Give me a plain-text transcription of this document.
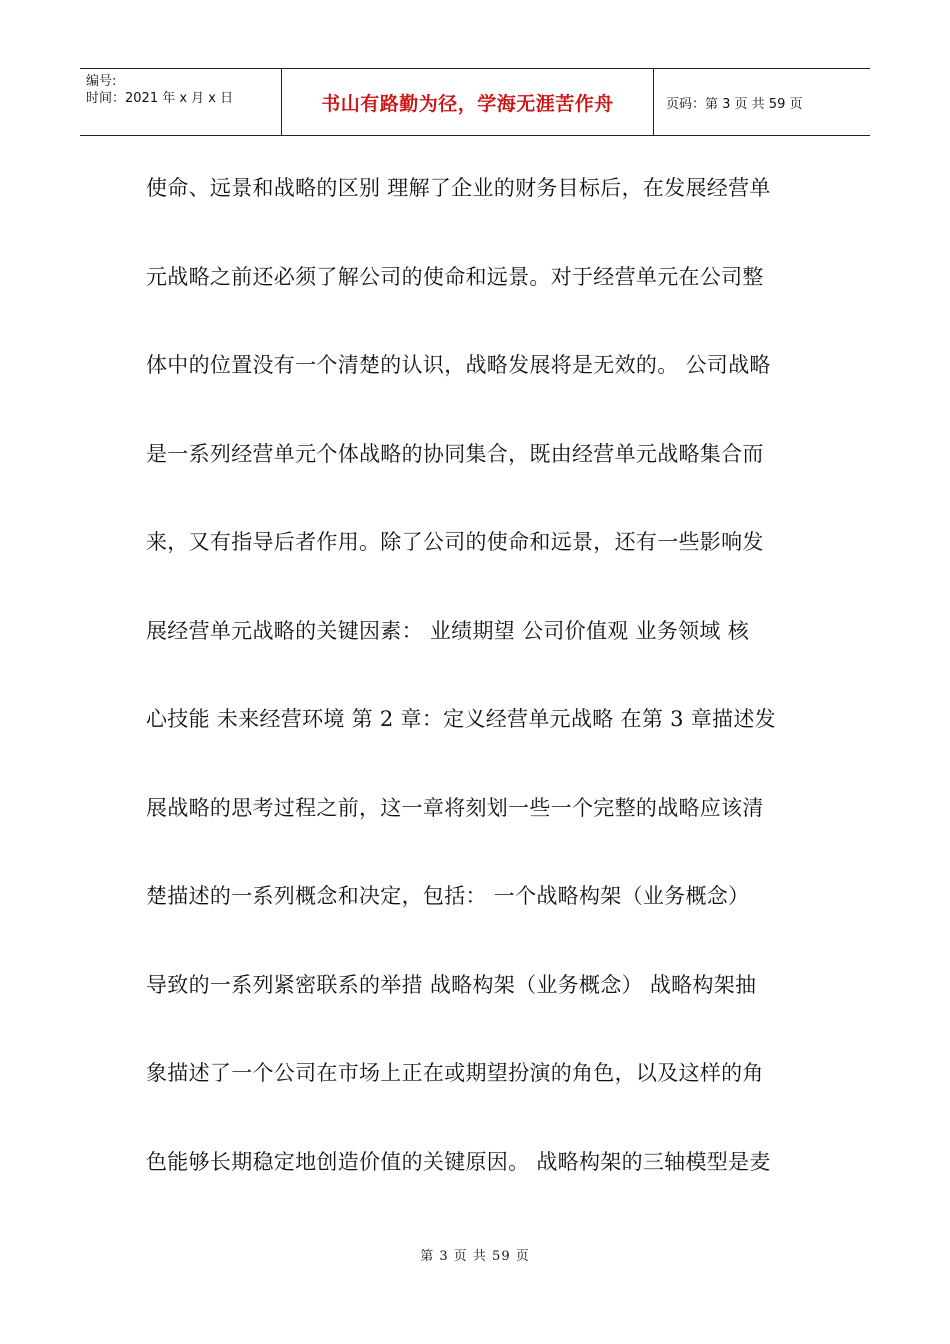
编号:
时间：2021 年 x 月 x 日	书山有路勤为径，学海无涯苦作舟	页码：第 3 页 共 59 页
使命、远景和战略的区别 理解了企业的财务目标后，在发展经营单
元战略之前还必须了解公司的使命和远景。对于经营单元在公司整
体中的位置没有一个清楚的认识，战略发展将是无效的。 公司战略
是一系列经营单元个体战略的协同集合，既由经营单元战略集合而
来，又有指导后者作用。除了公司的使命和远景，还有一些影响发
展经营单元战略的关键因素： 业绩期望 公司价值观 业务领域 核
心技能 未来经营环境 第 2 章：定义经营单元战略 在第 3 章描述发
展战略的思考过程之前，这一章将刻划一些一个完整的战略应该清
楚描述的一系列概念和决定，包括： 一个战略构架（业务概念）
导致的一系列紧密联系的举措 战略构架（业务概念） 战略构架抽
象描述了一个公司在市场上正在或期望扮演的角色，以及这样的角
色能够长期稳定地创造价值的关键原因。 战略构架的三轴模型是麦
第 3 页 共 59 页
